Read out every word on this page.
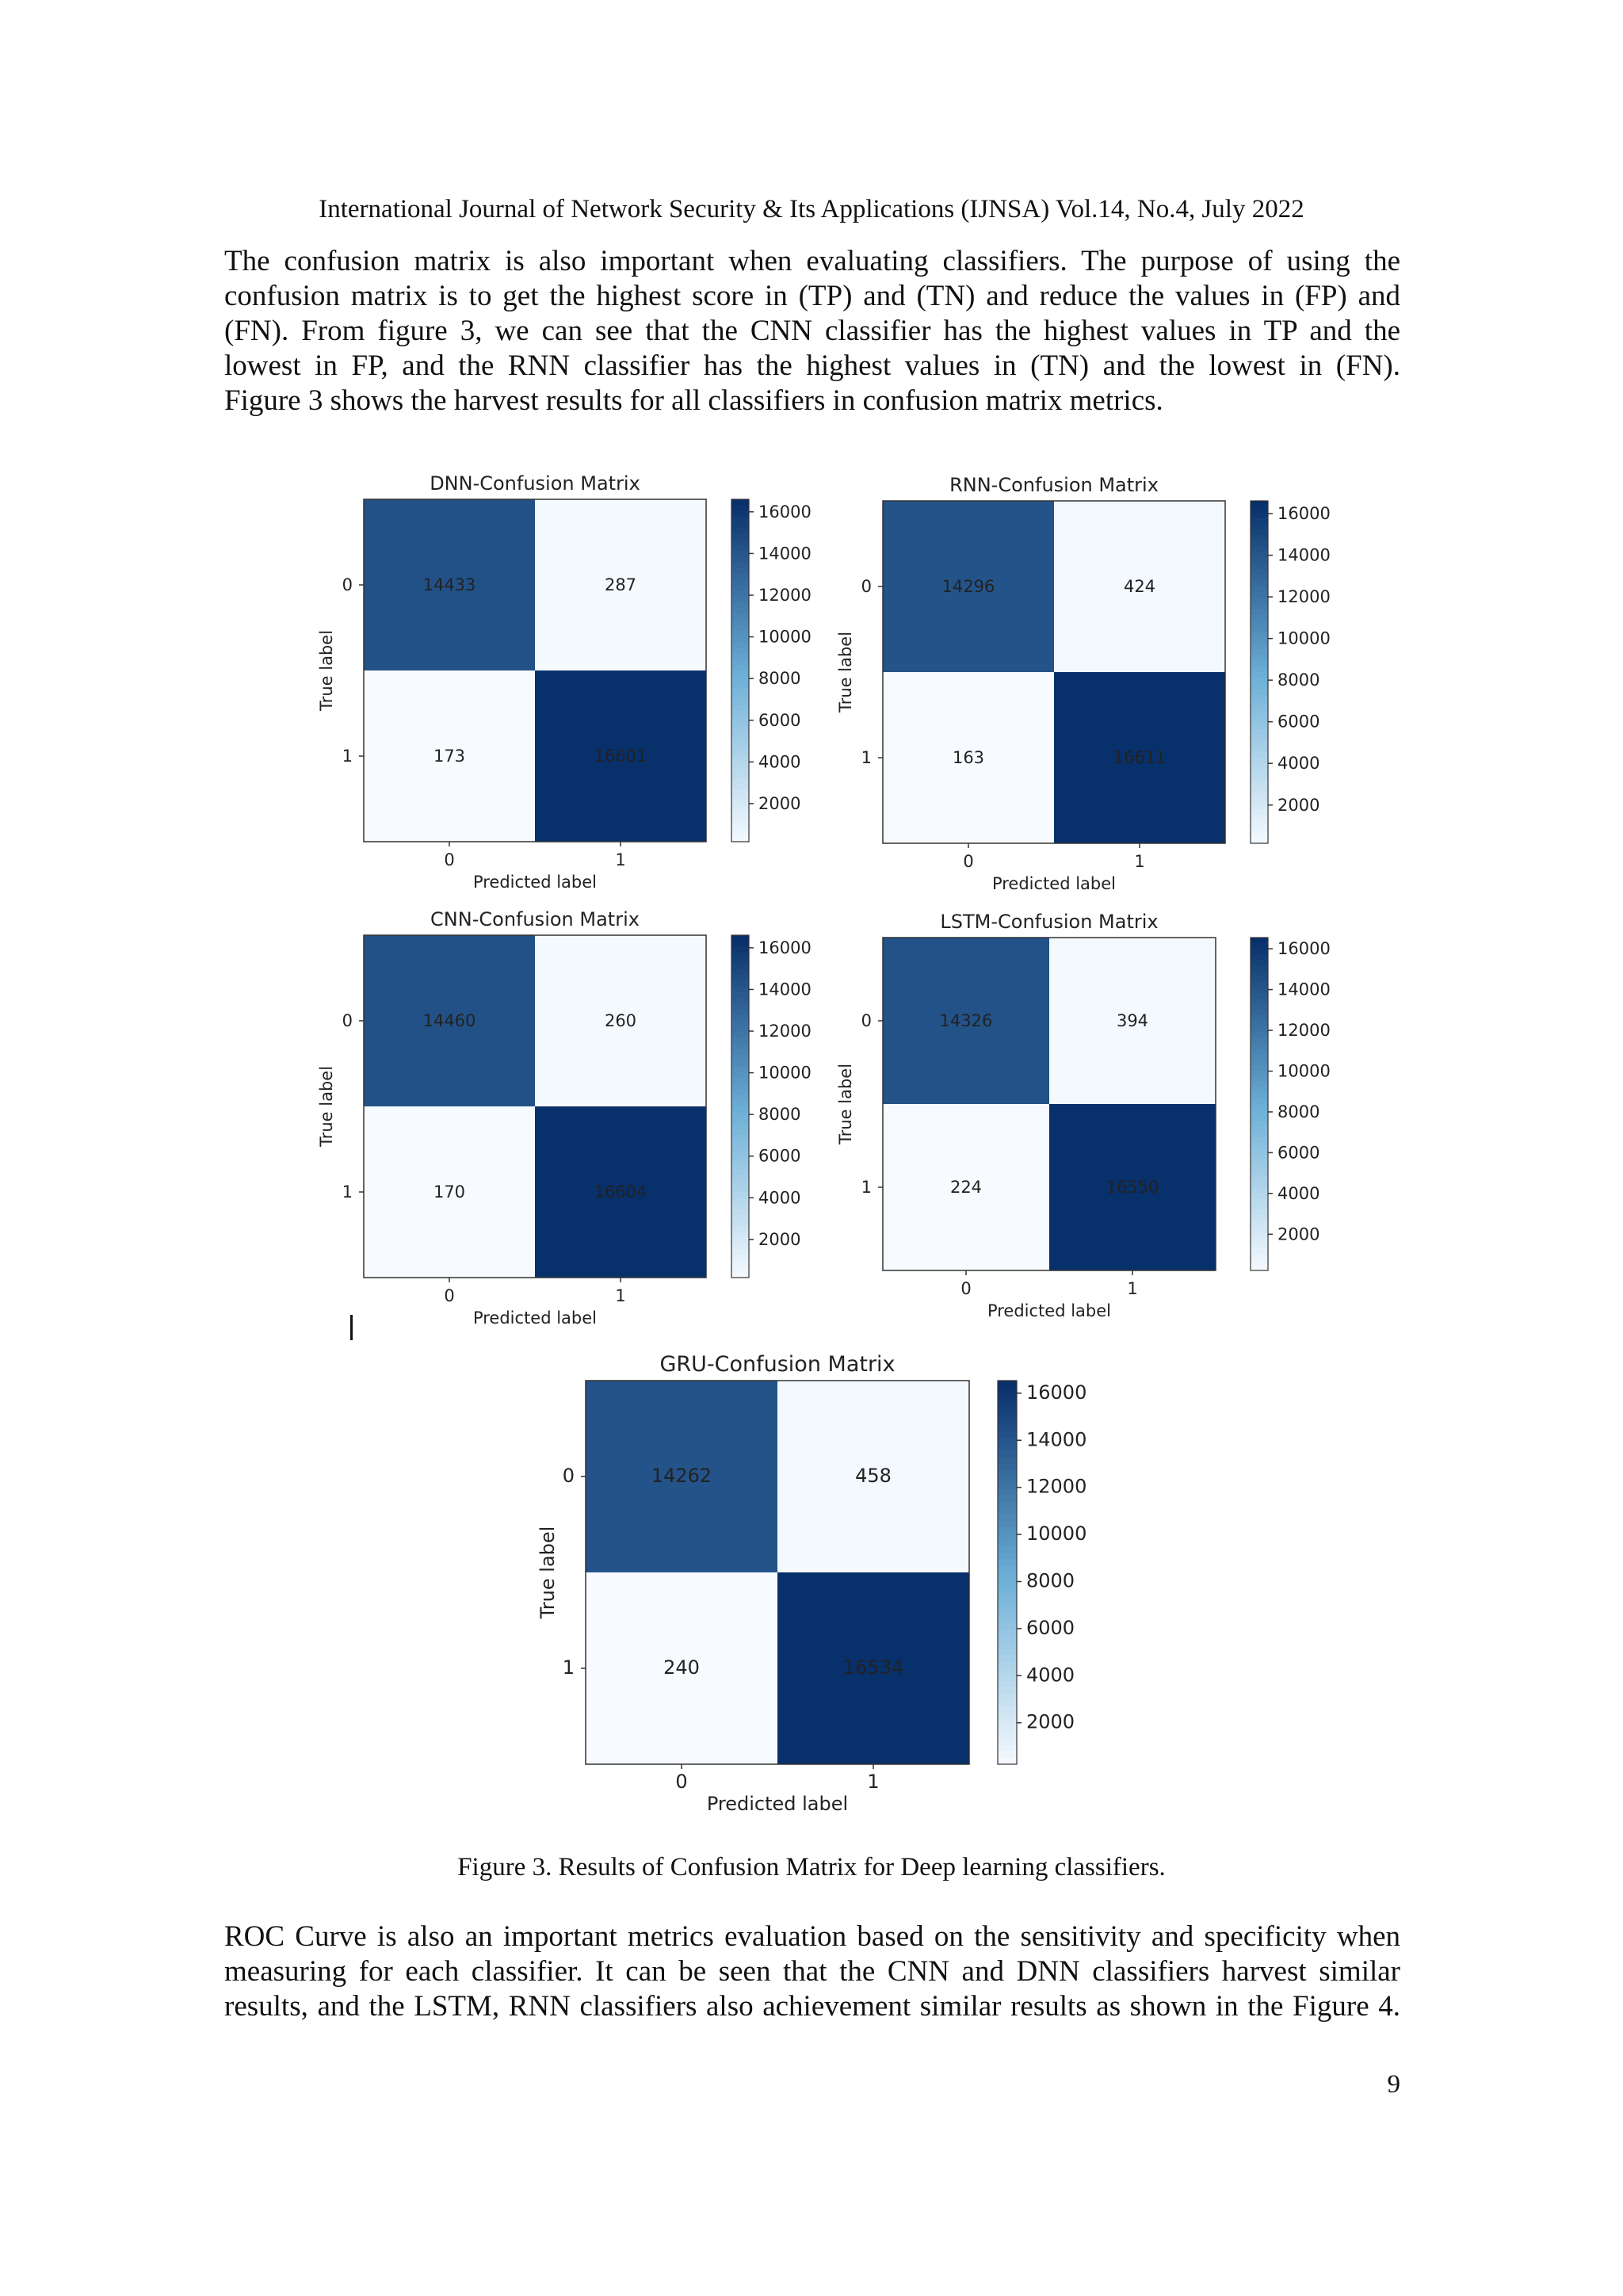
International Journal of Network Security & Its Applications (IJNSA) Vol.14, No.4, July 2022
The confusion matrix is also important when evaluating classifiers. The purpose of using the
confusion matrix is to get the highest score in (TP) and (TN) and reduce the values in (FP) and
(FN). From figure 3, we can see that the CNN classifier has the highest values in TP and the
lowest in FP, and the RNN classifier has the highest values in (TN) and the lowest in (FN).
Figure 3 shows the harvest results for all classifiers in confusion matrix metrics.
DNN-Confusion Matrix
14433	287
173	16601
0
1
0	1
Predicted label
True label
2000
4000
6000
8000
10000
12000
14000
16000
RNN-Confusion Matrix
14296	424
163	16611
0
1
0	1
Predicted label
True label
2000
4000
6000
8000
10000
12000
14000
16000
CNN-Confusion Matrix
14460	260
170	16604
0
1
0	1
Predicted label
True label
2000
4000
6000
8000
10000
12000
14000
16000
LSTM-Confusion Matrix
14326	394
224	16550
0
1
0	1
Predicted label
True label
2000
4000
6000
8000
10000
12000
14000
16000
GRU-Confusion Matrix
14262	458
240	16534
0
1
0	1
Predicted label
True label
2000
4000
6000
8000
10000
12000
14000
16000
Figure 3. Results of Confusion Matrix for Deep learning classifiers.
ROC Curve is also an important metrics evaluation based on the sensitivity and specificity when
measuring for each classifier. It can be seen that the CNN and DNN classifiers harvest similar
results, and the LSTM, RNN classifiers also achievement similar results as shown in the Figure 4.
9
